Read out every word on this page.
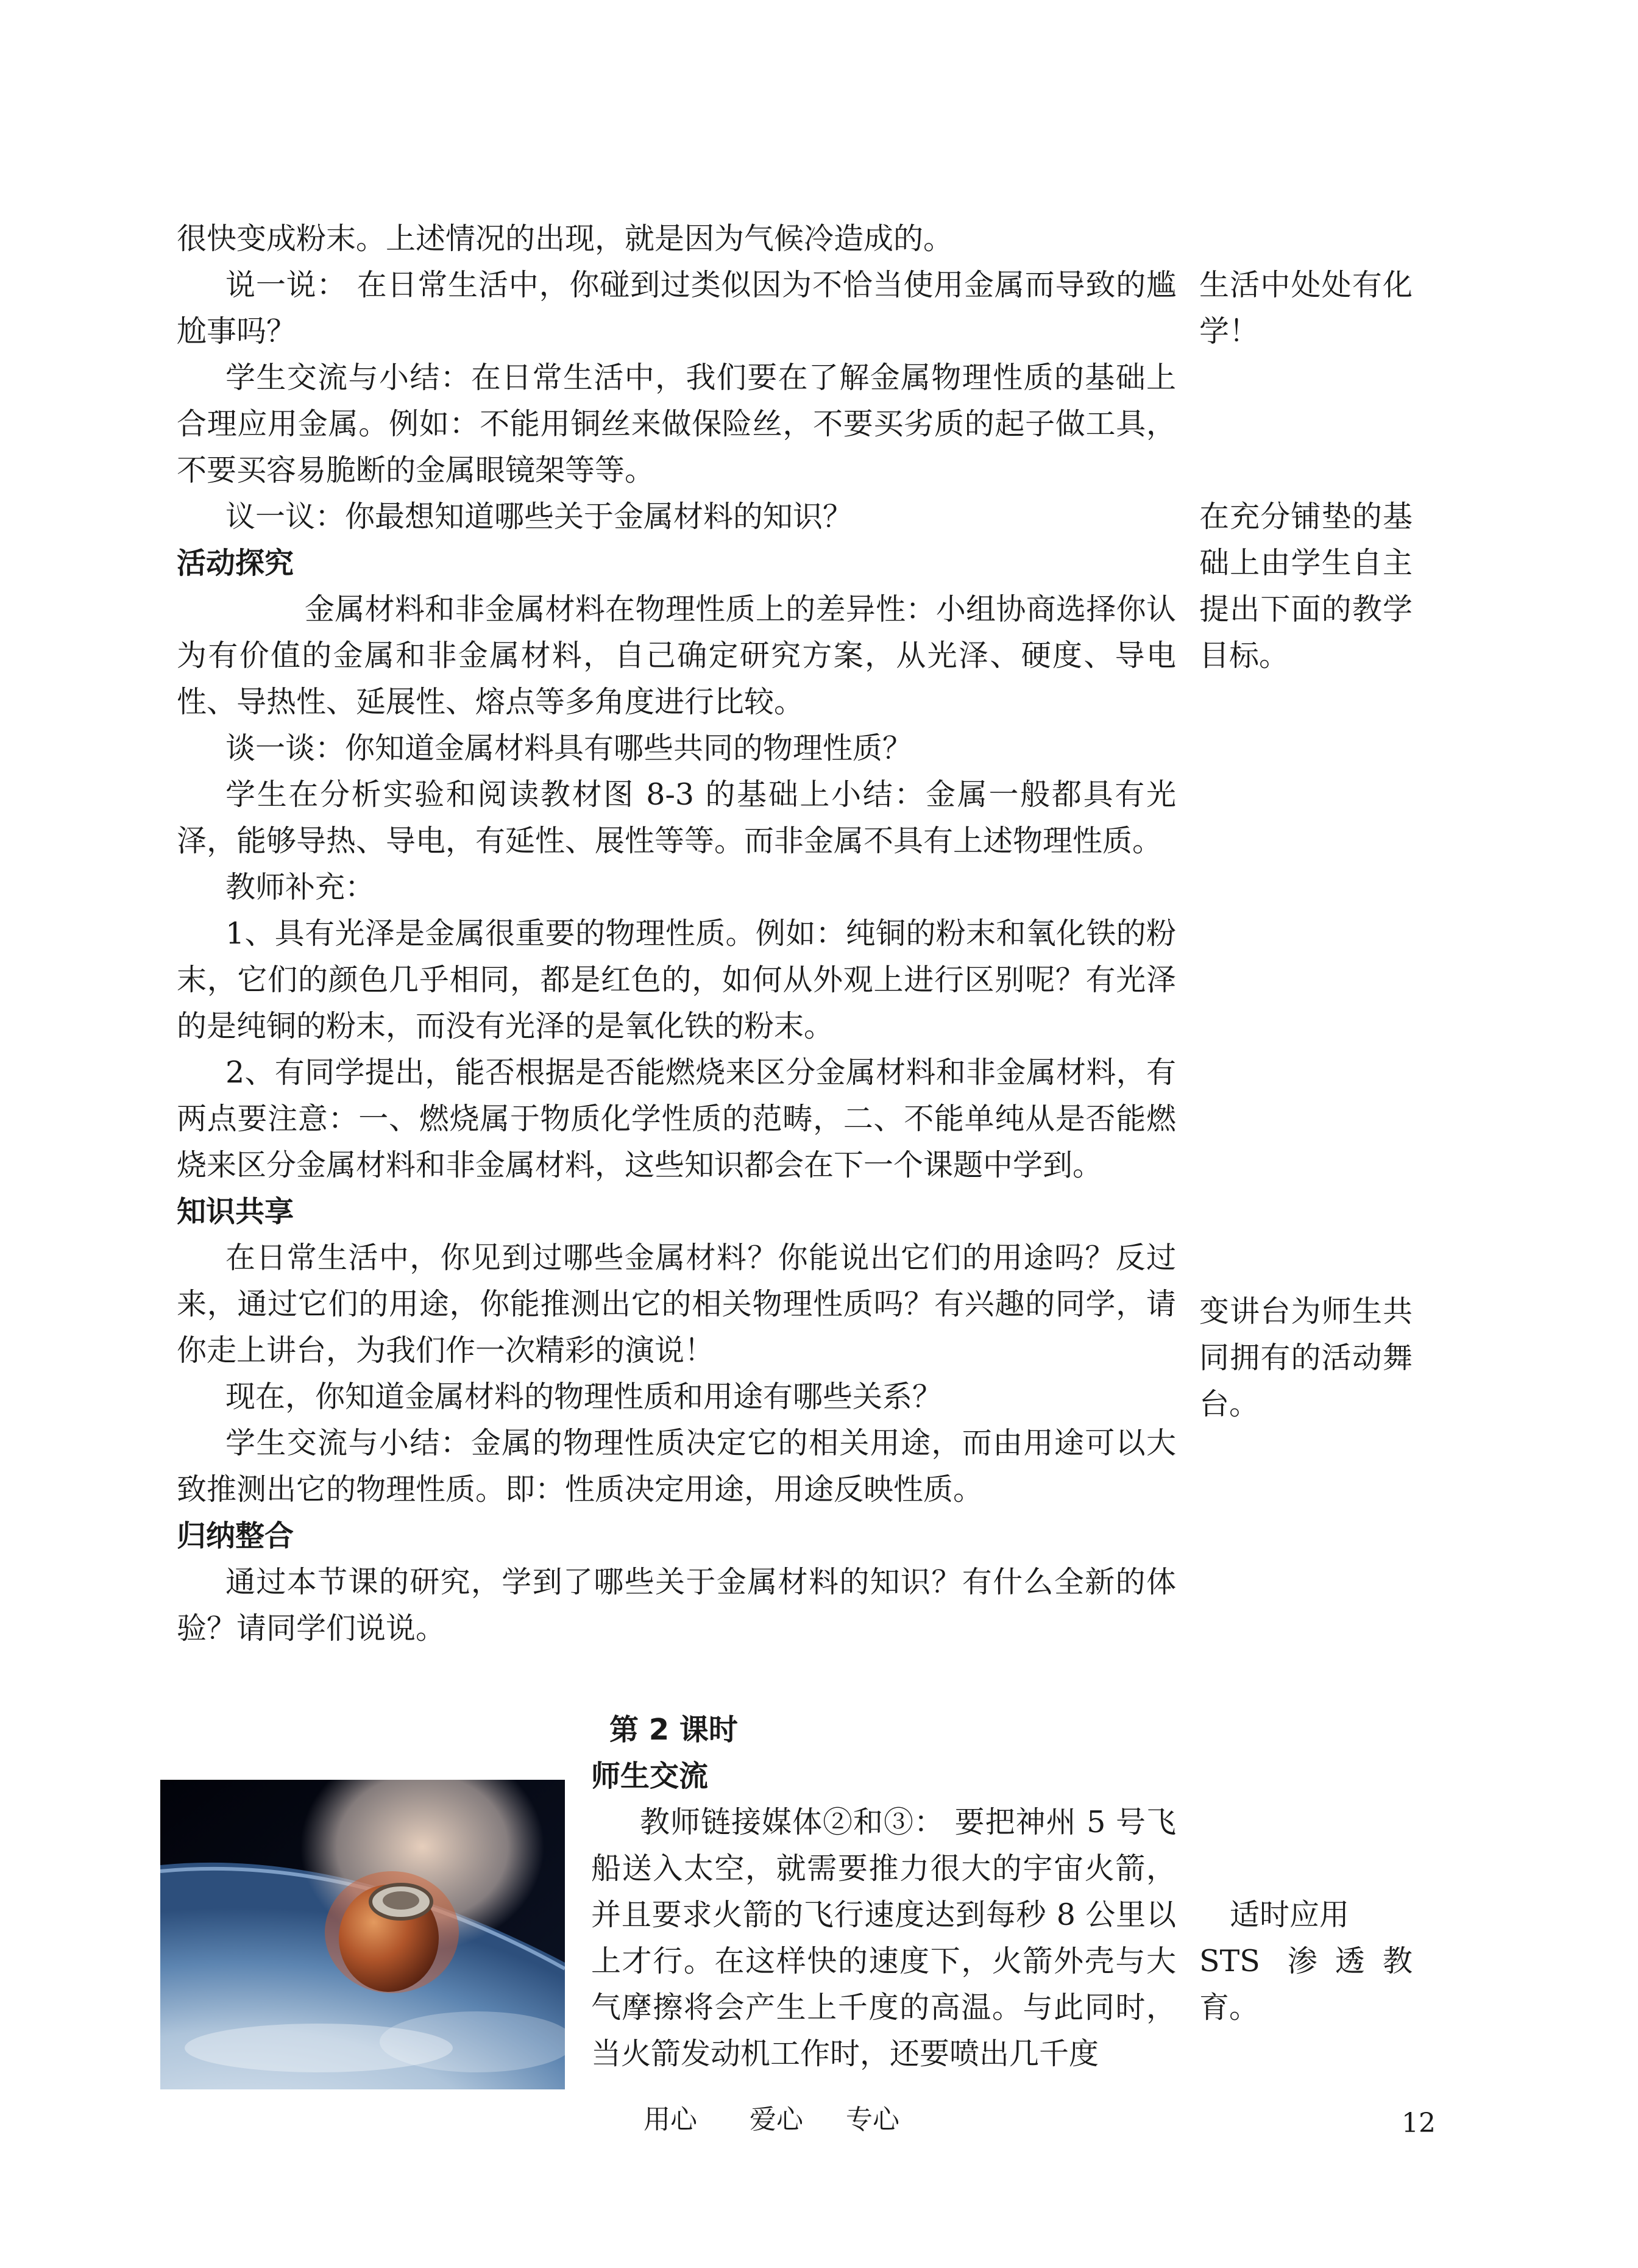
很快变成粉末。上述情况的出现，就是因为气候冷造成的。

说一说： 在日常生活中，你碰到过类似因为不恰当使用金属而导致的尴尬事吗？

学生交流与小结：在日常生活中，我们要在了解金属物理性质的基础上合理应用金属。例如：不能用铜丝来做保险丝，不要买劣质的起子做工具，不要买容易脆断的金属眼镜架等等。

议一议：你最想知道哪些关于金属材料的知识？

活动探究

金属材料和非金属材料在物理性质上的差异性：小组协商选择你认为有价值的金属和非金属材料，自己确定研究方案，从光泽、硬度、导电性、导热性、延展性、熔点等多角度进行比较。

谈一谈：你知道金属材料具有哪些共同的物理性质？

学生在分析实验和阅读教材图 8-3 的基础上小结：金属一般都具有光泽，能够导热、导电，有延性、展性等等。而非金属不具有上述物理性质。

教师补充：

1、具有光泽是金属很重要的物理性质。例如：纯铜的粉末和氧化铁的粉末，它们的颜色几乎相同，都是红色的，如何从外观上进行区别呢？有光泽的是纯铜的粉末，而没有光泽的是氧化铁的粉末。

2、有同学提出，能否根据是否能燃烧来区分金属材料和非金属材料，有两点要注意：一、燃烧属于物质化学性质的范畴，二、不能单纯从是否能燃烧来区分金属材料和非金属材料，这些知识都会在下一个课题中学到。

知识共享

在日常生活中，你见到过哪些金属材料？你能说出它们的用途吗？反过来，通过它们的用途，你能推测出它的相关物理性质吗？有兴趣的同学，请你走上讲台，为我们作一次精彩的演说！

现在，你知道金属材料的物理性质和用途有哪些关系？

学生交流与小结：金属的物理性质决定它的相关用途，而由用途可以大致推测出它的物理性质。即：性质决定用途，用途反映性质。

归纳整合

通过本节课的研究，学到了哪些关于金属材料的知识？有什么全新的体验？请同学们说说。

生活中处处有化学！
在充分铺垫的基础上由学生自主提出下面的教学目标。
变讲台为师生共同拥有的活动舞台。
适时应用
STS 渗透教育。
第 2 课时
师生交流

教师链接媒体②和③： 要把神州 5 号飞船送入太空，就需要推力很大的宇宙火箭，并且要求火箭的飞行速度达到每秒 8 公里以上才行。在这样快的速度下，火箭外壳与大气摩擦将会产生上千度的高温。与此同时，当火箭发动机工作时，还要喷出几千度

用心 爱心 专心	12
